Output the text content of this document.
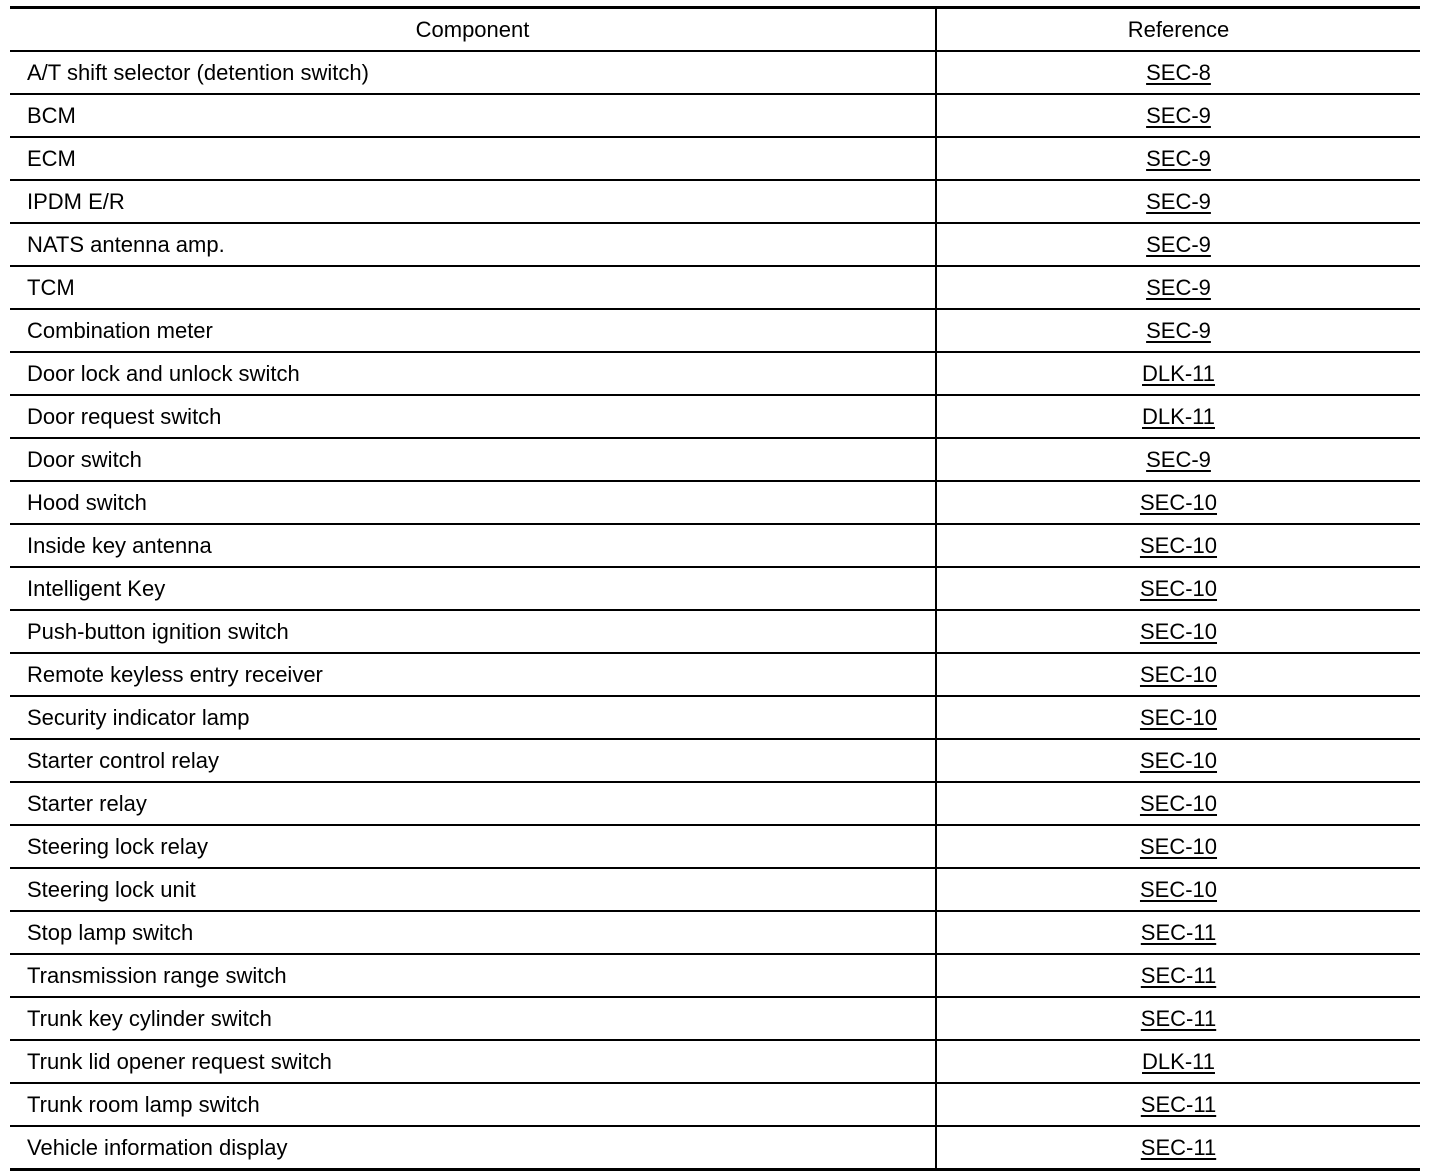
Component	Reference
A/T shift selector (detention switch)	SEC-8
BCM	SEC-9
ECM	SEC-9
IPDM E/R	SEC-9
NATS antenna amp.	SEC-9
TCM	SEC-9
Combination meter	SEC-9
Door lock and unlock switch	DLK-11
Door request switch	DLK-11
Door switch	SEC-9
Hood switch	SEC-10
Inside key antenna	SEC-10
Intelligent Key	SEC-10
Push-button ignition switch	SEC-10
Remote keyless entry receiver	SEC-10
Security indicator lamp	SEC-10
Starter control relay	SEC-10
Starter relay	SEC-10
Steering lock relay	SEC-10
Steering lock unit	SEC-10
Stop lamp switch	SEC-11
Transmission range switch	SEC-11
Trunk key cylinder switch	SEC-11
Trunk lid opener request switch	DLK-11
Trunk room lamp switch	SEC-11
Vehicle information display	SEC-11
